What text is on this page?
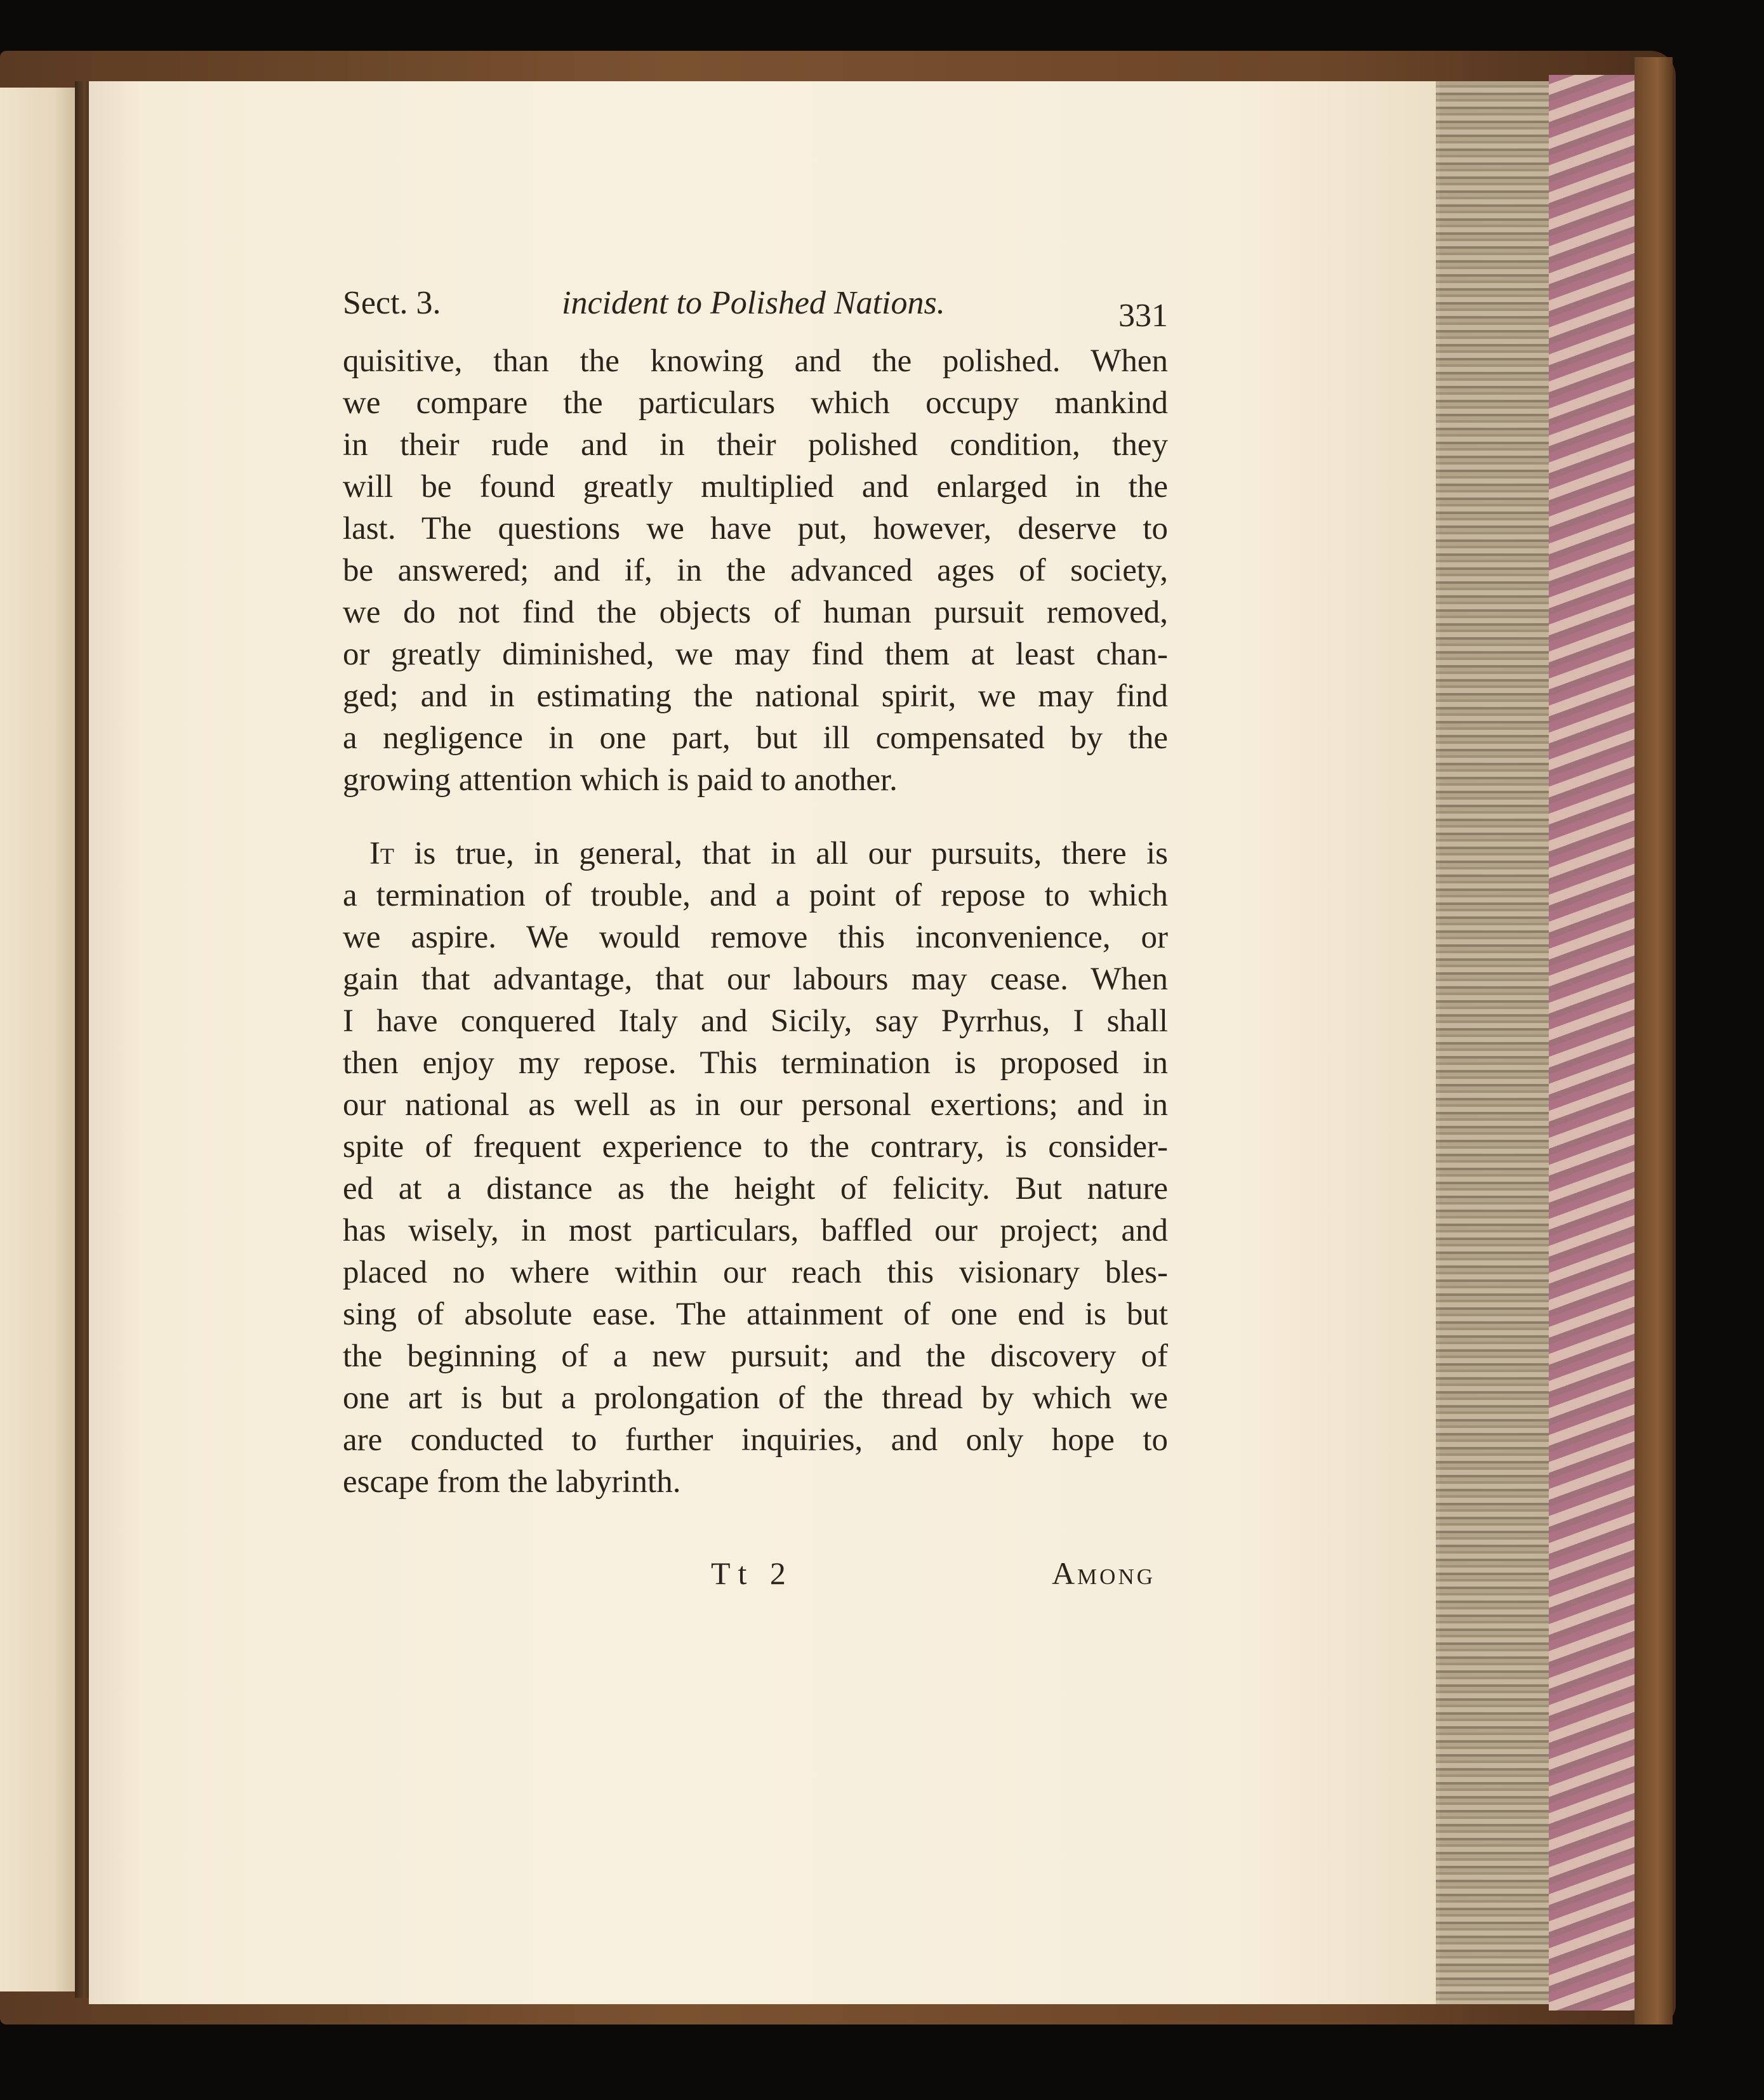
Sect. 3.	incident to Polished Nations.	331

quisitive, than the knowing and the polished. When
we compare the particulars which occupy mankind
in their rude and in their polished condition, they
will be found greatly multiplied and enlarged in the
last. The questions we have put, however, deserve to
be answered; and if, in the advanced ages of society,
we do not find the objects of human pursuit removed,
or greatly diminished, we may find them at least chan-
ged; and in estimating the national spirit, we may find
a negligence in one part, but ill compensated by the
growing attention which is paid to another.

It is true, in general, that in all our pursuits, there is
a termination of trouble, and a point of repose to which
we aspire. We would remove this inconvenience, or
gain that advantage, that our labours may cease. When
I have conquered Italy and Sicily, say Pyrrhus, I shall
then enjoy my repose. This termination is proposed in
our national as well as in our personal exertions; and in
spite of frequent experience to the contrary, is consider-
ed at a distance as the height of felicity. But nature
has wisely, in most particulars, baffled our project; and
placed no where within our reach this visionary bles-
sing of absolute ease. The attainment of one end is but
the beginning of a new pursuit; and the discovery of
one art is but a prolongation of the thread by which we
are conducted to further inquiries, and only hope to
escape from the labyrinth.

Tt 2	Among
